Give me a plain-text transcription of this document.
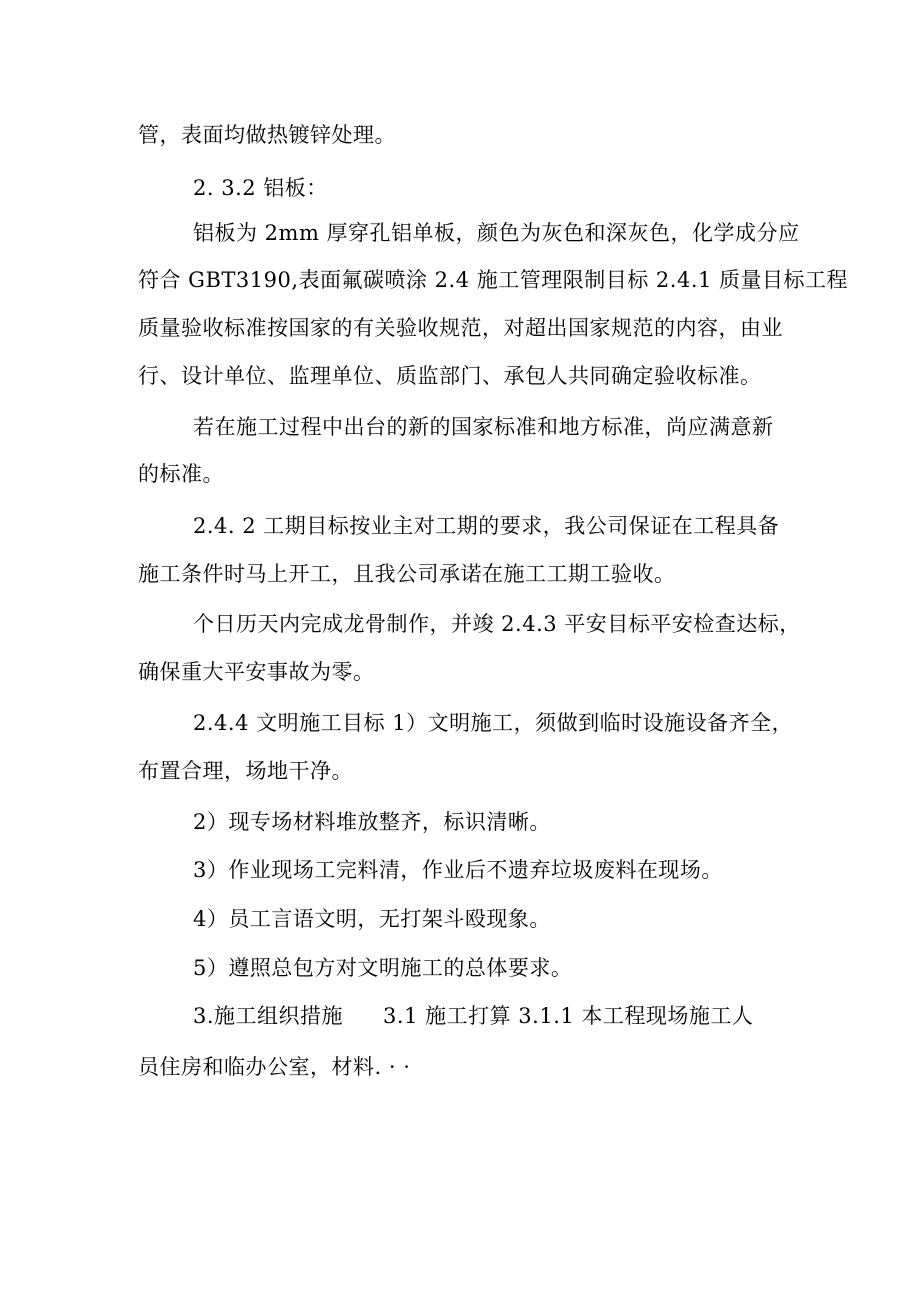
管，表面均做热镀锌处理。
2. 3.2 铝板：
铝板为 2mm 厚穿孔铝单板，颜色为灰色和深灰色，化学成分应
符合 GBT3190,表面氟碳喷涂 2.4 施工管理限制目标 2.4.1 质量目标工程
质量验收标准按国家的有关验收规范，对超出国家规范的内容，由业
行、设计单位、监理单位、质监部门、承包人共同确定验收标准。
若在施工过程中出台的新的国家标准和地方标准，尚应满意新
的标准。
2.4. 2 工期目标按业主对工期的要求，我公司保证在工程具备
施工条件时马上开工，且我公司承诺在施工工期工验收。
个日历天内完成龙骨制作，并竣 2.4.3 平安目标平安检查达标，
确保重大平安事故为零。
2.4.4 文明施工目标 1）文明施工，须做到临时设施设备齐全，
布置合理，场地干净。
2）现专场材料堆放整齐，标识清晰。
3）作业现场工完料清，作业后不遗弃垃圾废料在现场。
4）员工言语文明，无打架斗殴现象。
5）遵照总包方对文明施工的总体要求。
3.施工组织措施 3.1 施工打算 3.1.1 本工程现场施工人
员住房和临办公室，材料. · ·
